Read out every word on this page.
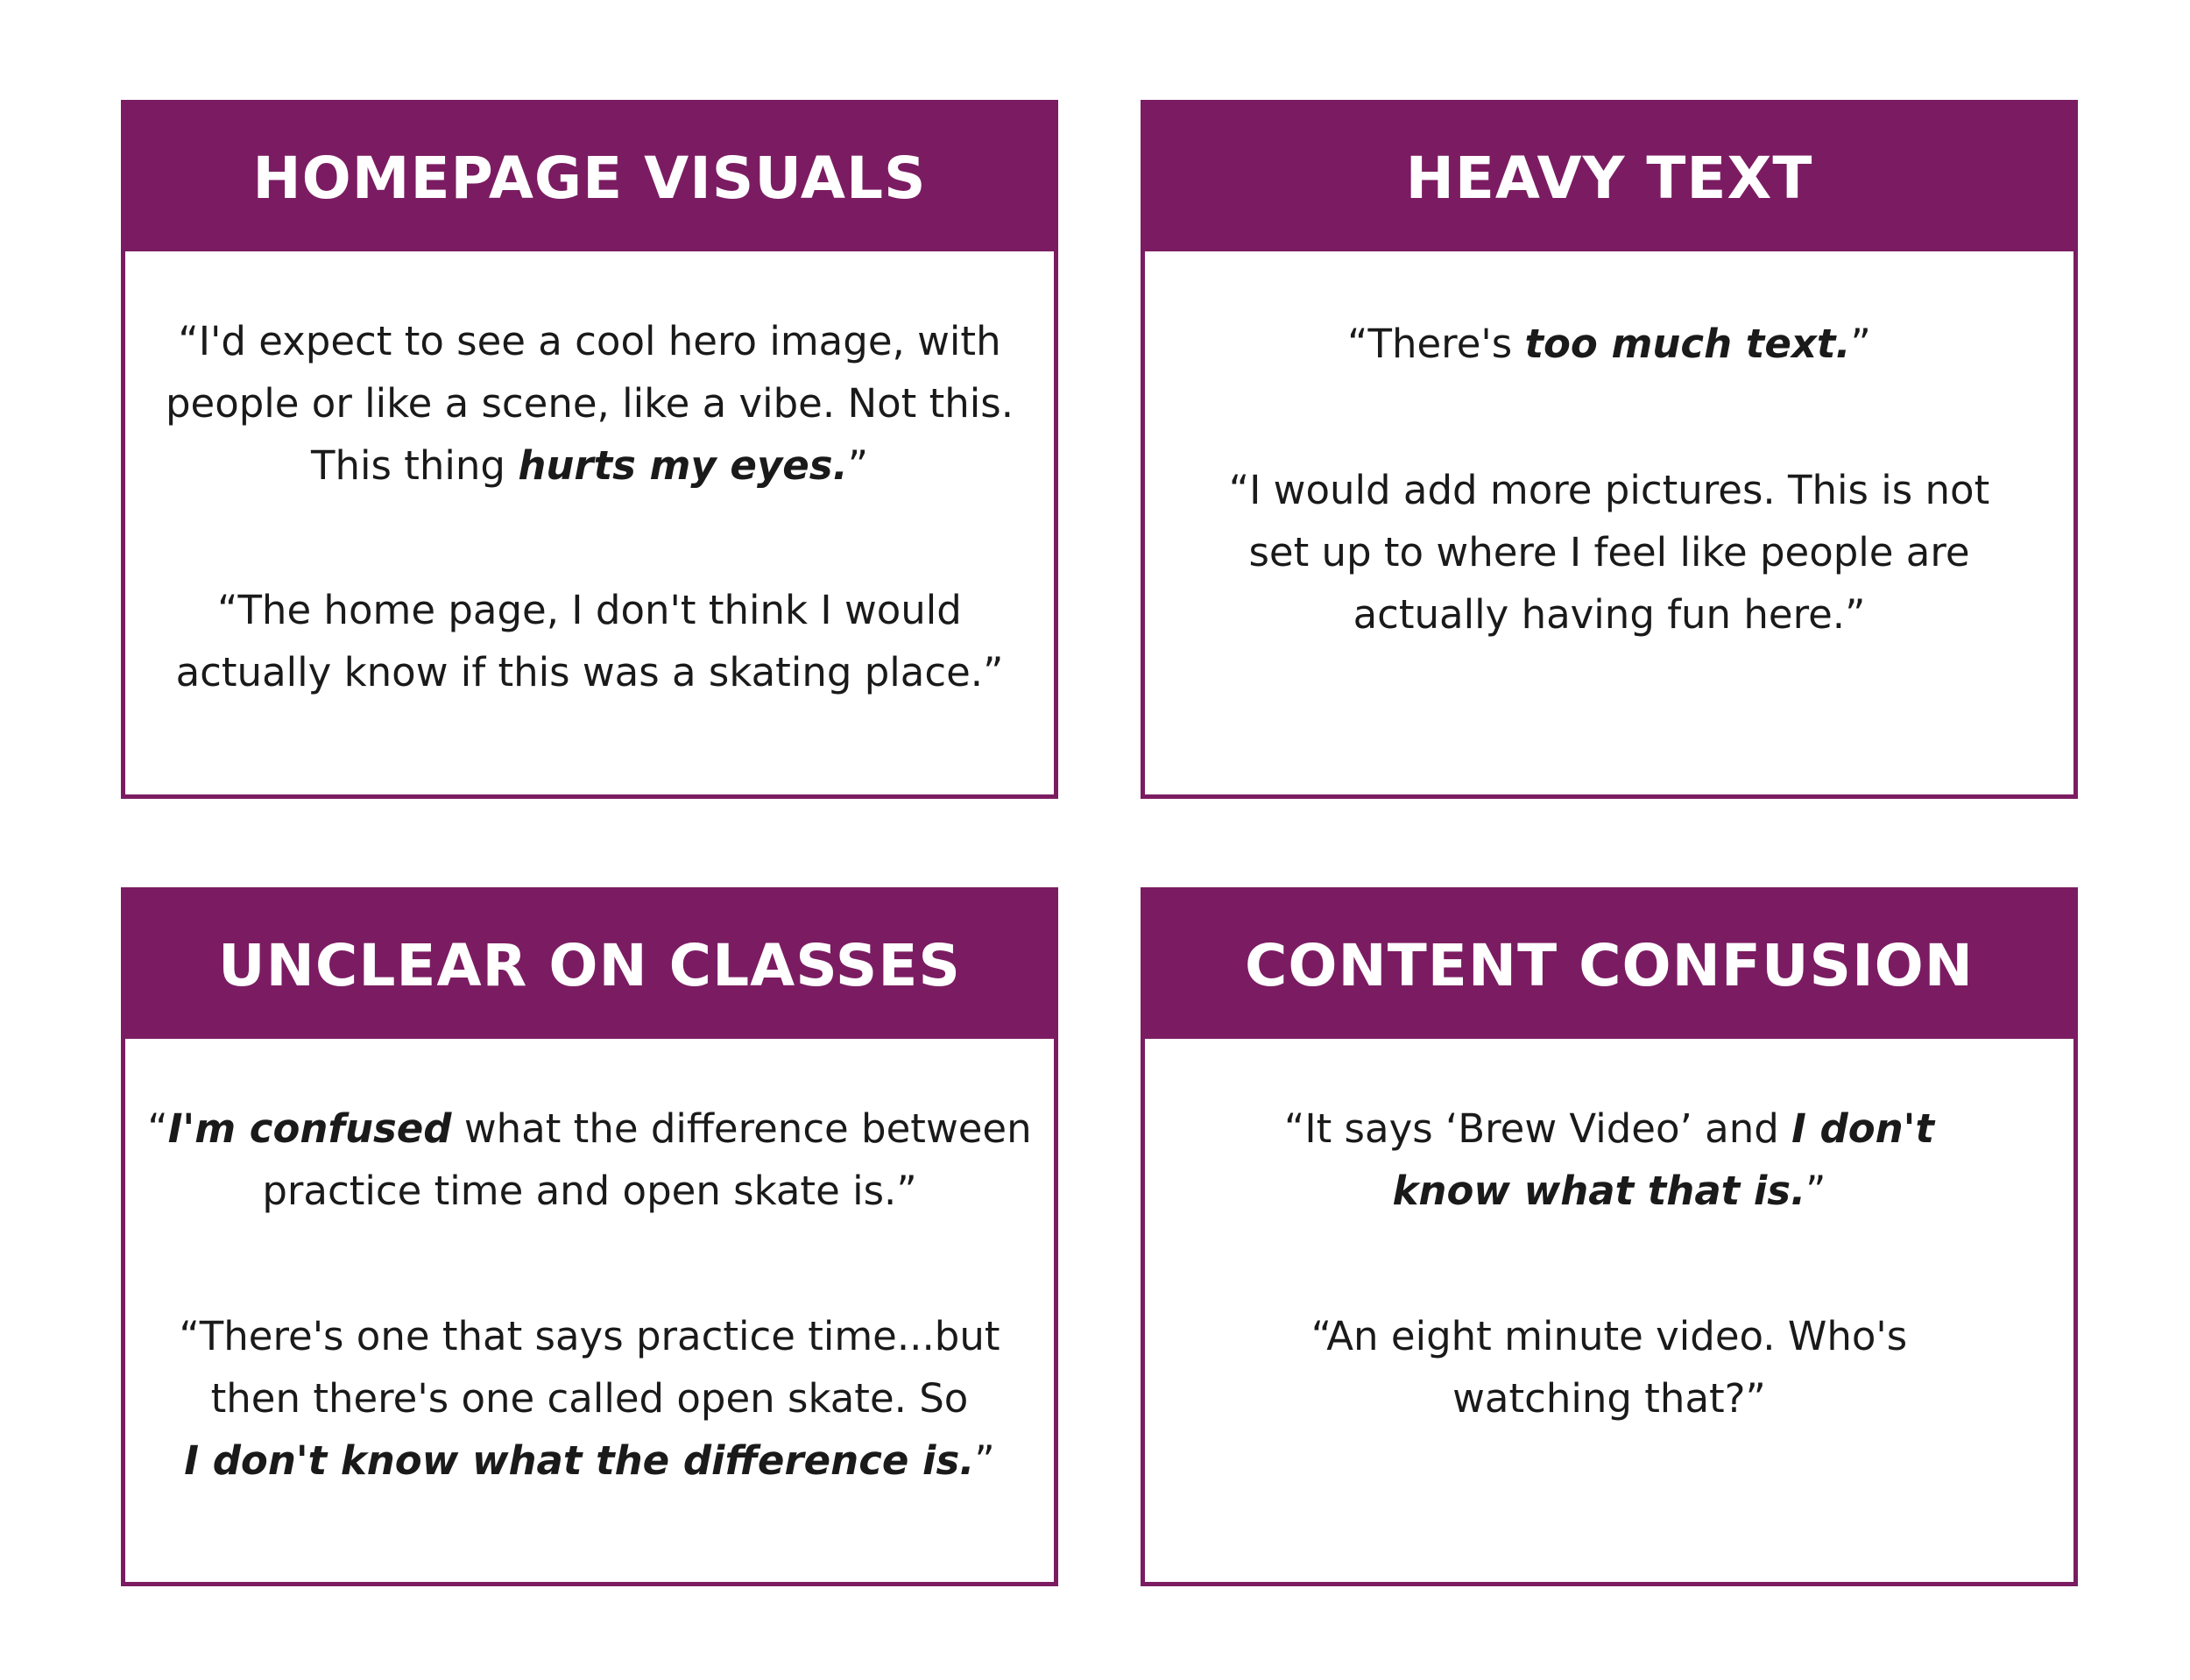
HOMEPAGE VISUALS
“I'd expect to see a cool hero image, with
people or like a scene, like a vibe. Not this.
This thing hurts my eyes.”
“The home page, I don't think I would
actually know if this was a skating place.”
HEAVY TEXT
“There's too much text.”
“I would add more pictures. This is not
set up to where I feel like people are
actually having fun here.”
UNCLEAR ON CLASSES
“I'm confused what the difference between
practice time and open skate is.”
“There's one that says practice time...but
then there's one called open skate. So
I don't know what the difference is.”
CONTENT CONFUSION
“It says ‘Brew Video’ and I don't
know what that is.”
“An eight minute video. Who's
watching that?”
